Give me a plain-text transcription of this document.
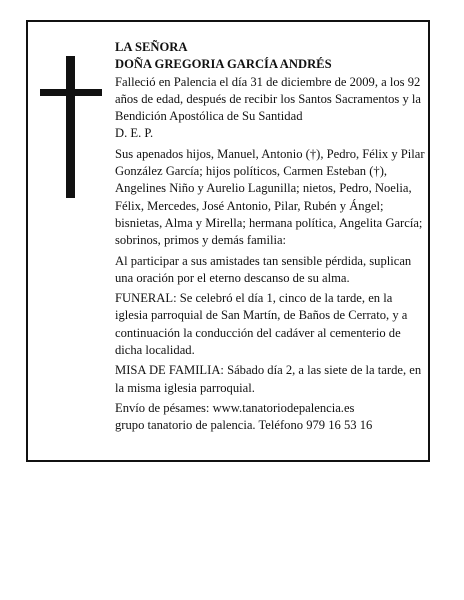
LA SEÑORA

DOÑA GREGORIA GARCÍA ANDRÉS

Falleció en Palencia el día 31 de diciembre de 2009, a los 92 años de edad, después de recibir los Santos Sacramentos y la Bendición Apostólica de Su Santidad

D. E. P.

Sus apenados hijos, Manuel, Antonio (†), Pedro, Félix y Pilar González García; hijos políticos, Carmen Esteban (†), Angelines Niño y Aurelio Lagunilla; nietos, Pedro, Noelia, Félix, Mercedes, José Antonio, Pilar, Rubén y Ángel; bisnietas, Alma y Mirella; hermana política, Angelita García; sobrinos, primos y demás familia:

Al participar a sus amistades tan sensible pérdida, suplican una oración por el eterno descanso de su alma.

FUNERAL: Se celebró el día 1, cinco de la tarde, en la iglesia parroquial de San Martín, de Baños de Cerrato, y a continuación la conducción del cadáver al cementerio de dicha localidad.

MISA DE FAMILIA: Sábado día 2, a las siete de la tarde, en la misma iglesia parroquial.

Envío de pésames: www.tanatoriodepalencia.es

grupo tanatorio de palencia. Teléfono 979 16 53 16
